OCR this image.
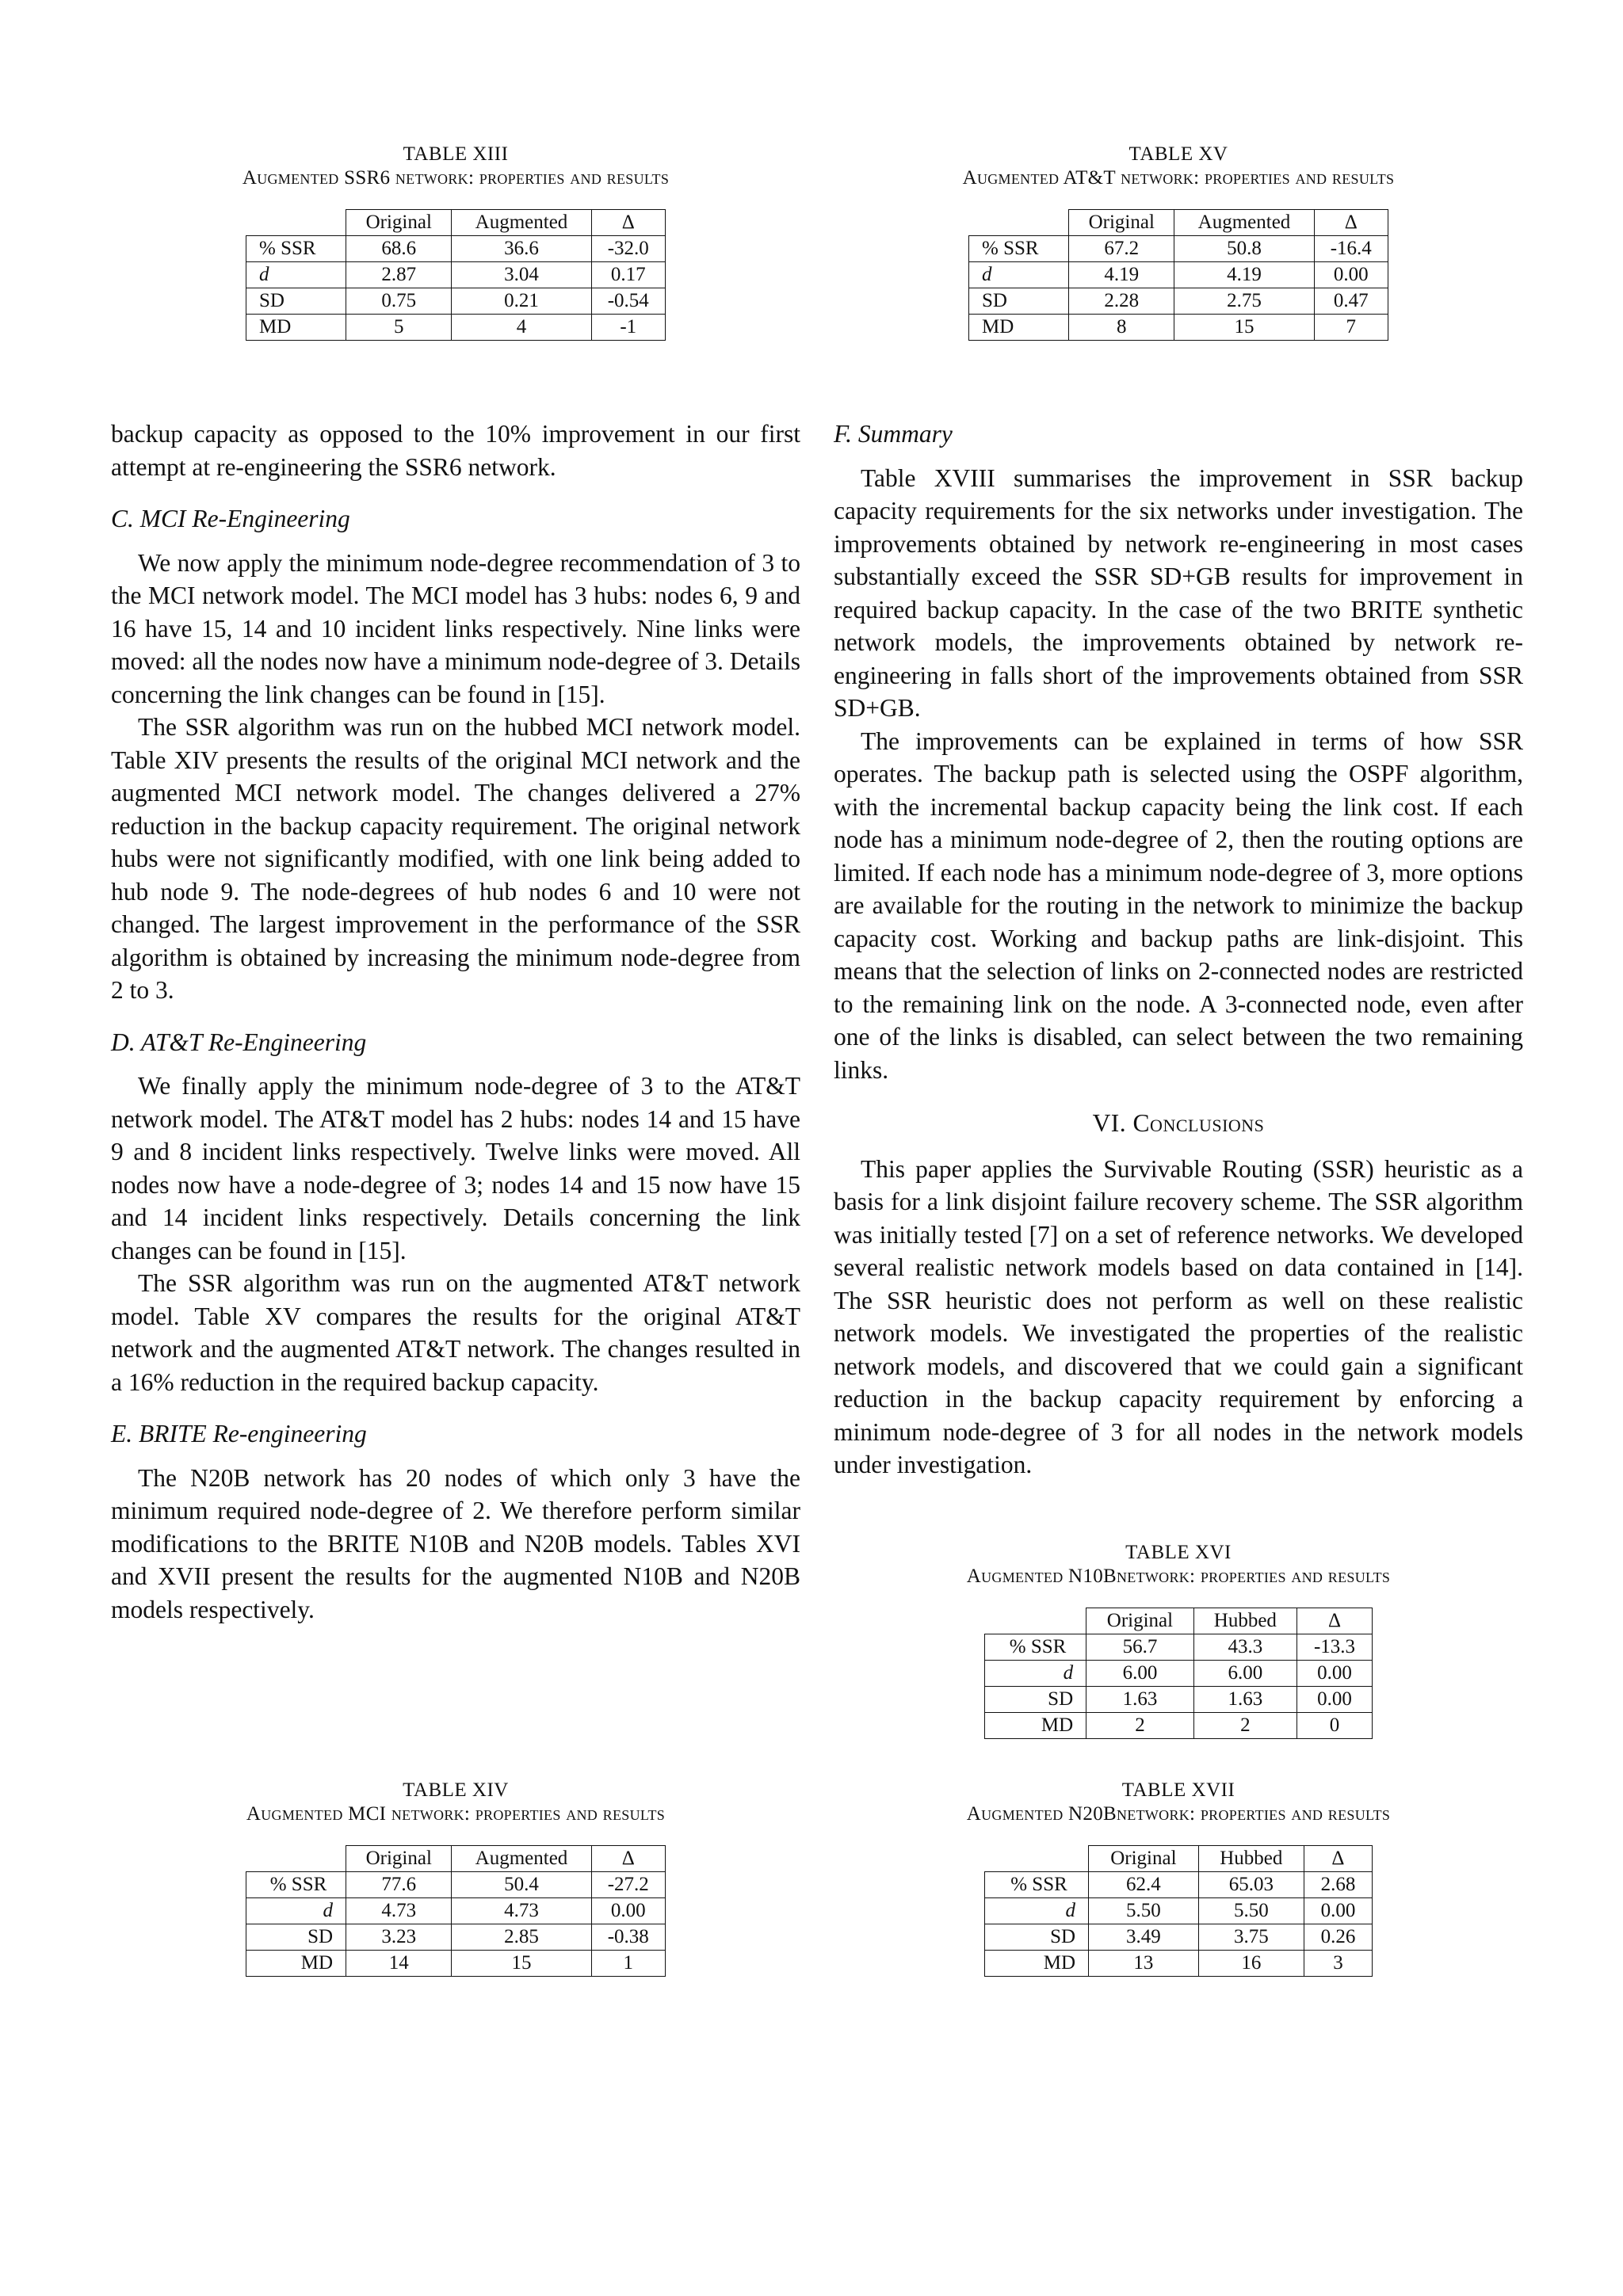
TABLE XIII
Augmented SSR6 network: properties and results
	Original	Augmented	Δ
% SSR	68.6	36.6	-32.0
d	2.87	3.04	0.17
SD	0.75	0.21	-0.54
MD	5	4	-1
TABLE XV
Augmented AT&T network: properties and results
	Original	Augmented	Δ
% SSR	67.2	50.8	-16.4
d	4.19	4.19	0.00
SD	2.28	2.75	0.47
MD	8	15	7

backup capacity as opposed to the 10% improvement in our first attempt at re-engineering the SSR6 network.

C. MCI Re-Engineering

We now apply the minimum node-degree recommendation of 3 to the MCI network model. The MCI model has 3 hubs: nodes 6, 9 and 16 have 15, 14 and 10 incident links respectively. Nine links were moved: all the nodes now have a minimum node-degree of 3. Details concerning the link changes can be found in [15].

The SSR algorithm was run on the hubbed MCI network model. Table XIV presents the results of the original MCI network and the augmented MCI network model. The changes delivered a 27% reduction in the backup capacity requirement. The original network hubs were not significantly modified, with one link being added to hub node 9. The node-degrees of hub nodes 6 and 10 were not changed. The largest improvement in the performance of the SSR algorithm is obtained by increasing the minimum node-degree from 2 to 3.

D. AT&T Re-Engineering

We finally apply the minimum node-degree of 3 to the AT&T network model. The AT&T model has 2 hubs: nodes 14 and 15 have 9 and 8 incident links respectively. Twelve links were moved. All nodes now have a node-degree of 3; nodes 14 and 15 now have 15 and 14 incident links respectively. Details concerning the link changes can be found in [15].

The SSR algorithm was run on the augmented AT&T network model. Table XV compares the results for the original AT&T network and the augmented AT&T network. The changes resulted in a 16% reduction in the required backup capacity.

E. BRITE Re-engineering

The N20B network has 20 nodes of which only 3 have the minimum required node-degree of 2. We therefore perform similar modifications to the BRITE N10B and N20B models. Tables XVI and XVII present the results for the augmented N10B and N20B models respectively.

TABLE XIV
Augmented MCI network: properties and results
	Original	Augmented	Δ
% SSR	77.6	50.4	-27.2
d	4.73	4.73	0.00
SD	3.23	2.85	-0.38
MD	14	15	1
F. Summary

Table XVIII summarises the improvement in SSR backup capacity requirements for the six networks under investigation. The improvements obtained by network re-engineering in most cases substantially exceed the SSR SD+GB results for improvement in required backup capacity. In the case of the two BRITE synthetic network models, the improvements obtained by network re-engineering in falls short of the improvements obtained from SSR SD+GB.

The improvements can be explained in terms of how SSR operates. The backup path is selected using the OSPF algorithm, with the incremental backup capacity being the link cost. If each node has a minimum node-degree of 2, then the routing options are limited. If each node has a minimum node-degree of 3, more options are available for the routing in the network to minimize the backup capacity cost. Working and backup paths are link-disjoint. This means that the selection of links on 2-connected nodes are restricted to the remaining link on the node. A 3-connected node, even after one of the links is disabled, can select between the two remaining links.

VI. Conclusions

This paper applies the Survivable Routing (SSR) heuristic as a basis for a link disjoint failure recovery scheme. The SSR algorithm was initially tested [7] on a set of reference networks. We developed several realistic network models based on data contained in [14]. The SSR heuristic does not perform as well on these realistic network models. We investigated the properties of the realistic network models, and discovered that we could gain a significant reduction in the backup capacity requirement by enforcing a minimum node-degree of 3 for all nodes in the network models under investigation.

TABLE XVI
Augmented N10Bnetwork: properties and results
	Original	Hubbed	Δ
% SSR	56.7	43.3	-13.3
d	6.00	6.00	0.00
SD	1.63	1.63	0.00
MD	2	2	0
TABLE XVII
Augmented N20Bnetwork: properties and results
	Original	Hubbed	Δ
% SSR	62.4	65.03	2.68
d	5.50	5.50	0.00
SD	3.49	3.75	0.26
MD	13	16	3
